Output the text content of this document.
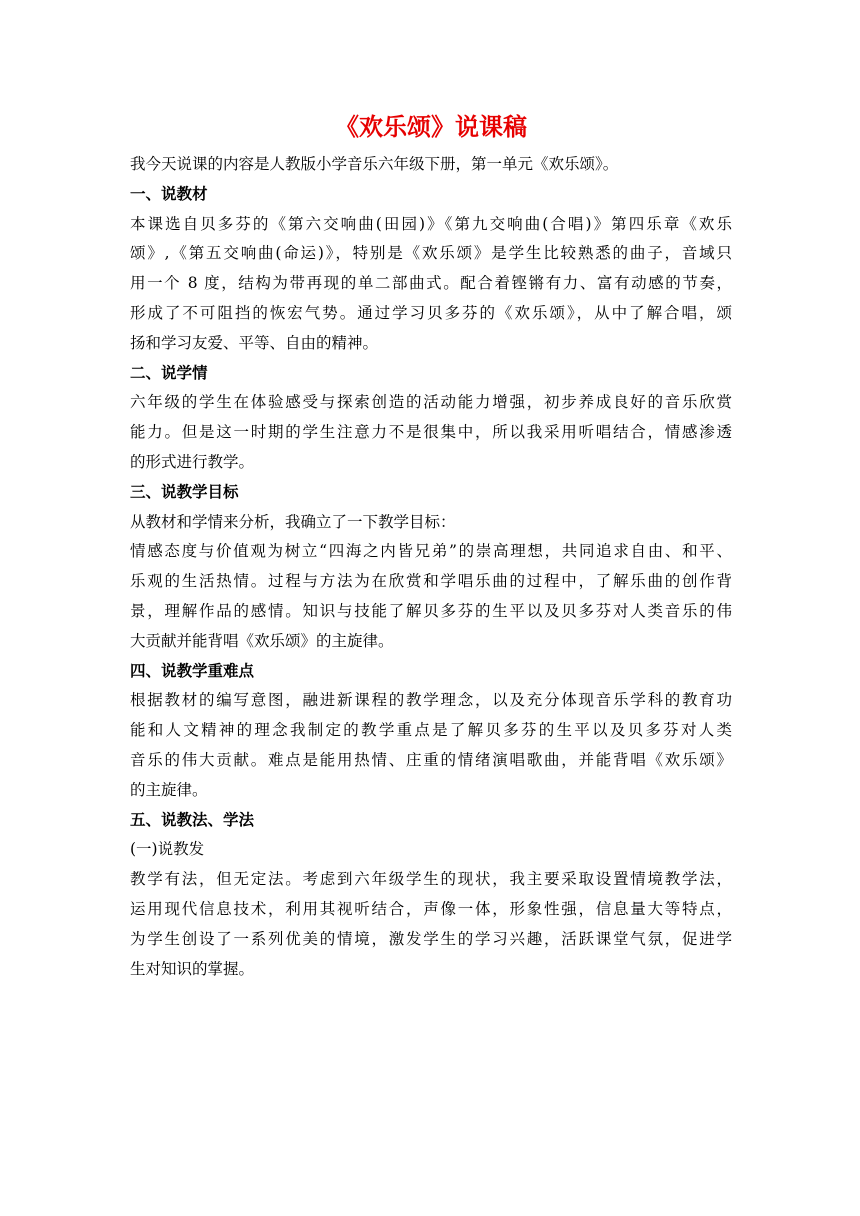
《欢乐颂》说课稿

我今天说课的内容是人教版小学音乐六年级下册，第一单元《欢乐颂》。

一、说教材
本课选自贝多芬的《第六交响曲(田园)》《第九交响曲(合唱)》第四乐章《欢乐
颂》,《第五交响曲(命运)》，特别是《欢乐颂》是学生比较熟悉的曲子，音域只
用一个 8 度，结构为带再现的单二部曲式。配合着铿锵有力、富有动感的节奏，
形成了不可阻挡的恢宏气势。通过学习贝多芬的《欢乐颂》，从中了解合唱，颂
扬和学习友爱、平等、自由的精神。
二、说学情
六年级的学生在体验感受与探索创造的活动能力增强，初步养成良好的音乐欣赏
能力。但是这一时期的学生注意力不是很集中，所以我采用听唱结合，情感渗透
的形式进行教学。
三、说教学目标
从教材和学情来分析，我确立了一下教学目标：
情感态度与价值观为树立“四海之内皆兄弟”的崇高理想，共同追求自由、和平、
乐观的生活热情。过程与方法为在欣赏和学唱乐曲的过程中，了解乐曲的创作背
景，理解作品的感情。知识与技能了解贝多芬的生平以及贝多芬对人类音乐的伟
大贡献并能背唱《欢乐颂》的主旋律。
四、说教学重难点
根据教材的编写意图，融进新课程的教学理念，以及充分体现音乐学科的教育功
能和人文精神的理念我制定的教学重点是了解贝多芬的生平以及贝多芬对人类
音乐的伟大贡献。难点是能用热情、庄重的情绪演唱歌曲，并能背唱《欢乐颂》
的主旋律。
五、说教法、学法

(一)说教发

教学有法，但无定法。考虑到六年级学生的现状，我主要采取设置情境教学法，
运用现代信息技术，利用其视听结合，声像一体，形象性强，信息量大等特点，
为学生创设了一系列优美的情境，激发学生的学习兴趣，活跃课堂气氛，促进学
生对知识的掌握。
